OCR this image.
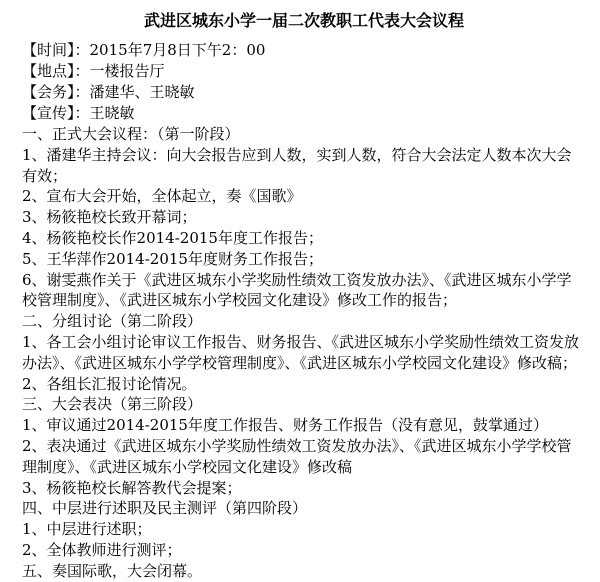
武进区城东小学一届二次教职工代表大会议程
【时间】：2015年7月8日下午2：00
【地点】：一楼报告厅
【会务】：潘建华、王晓敏
【宣传】：王晓敏
一、正式大会议程：（第一阶段）
1、潘建华主持会议：向大会报告应到人数，实到人数，符合大会法定人数本次大会有效；
2、宣布大会开始，全体起立，奏《国歌》
3、杨筱艳校长致开幕词；
4、杨筱艳校长作2014-2015年度工作报告；
5、王华萍作2014-2015年度财务工作报告；
6、谢雯燕作关于《武进区城东小学奖励性绩效工资发放办法》、《武进区城东小学学校管理制度》、《武进区城东小学校园文化建设》修改工作的报告；
二、分组讨论（第二阶段）
1、各工会小组讨论审议工作报告、财务报告、《武进区城东小学奖励性绩效工资发放办法》、《武进区城东小学学校管理制度》、《武进区城东小学校园文化建设》修改稿；
2、各组长汇报讨论情况。
三、大会表决（第三阶段）
1、审议通过2014-2015年度工作报告、财务工作报告（没有意见，鼓掌通过）
2、表决通过《武进区城东小学奖励性绩效工资发放办法》、《武进区城东小学学校管理制度》、《武进区城东小学校园文化建设》修改稿
3、杨筱艳校长解答教代会提案；
四、中层进行述职及民主测评（第四阶段）
1、中层进行述职；
2、全体教师进行测评；
五、奏国际歌，大会闭幕。
